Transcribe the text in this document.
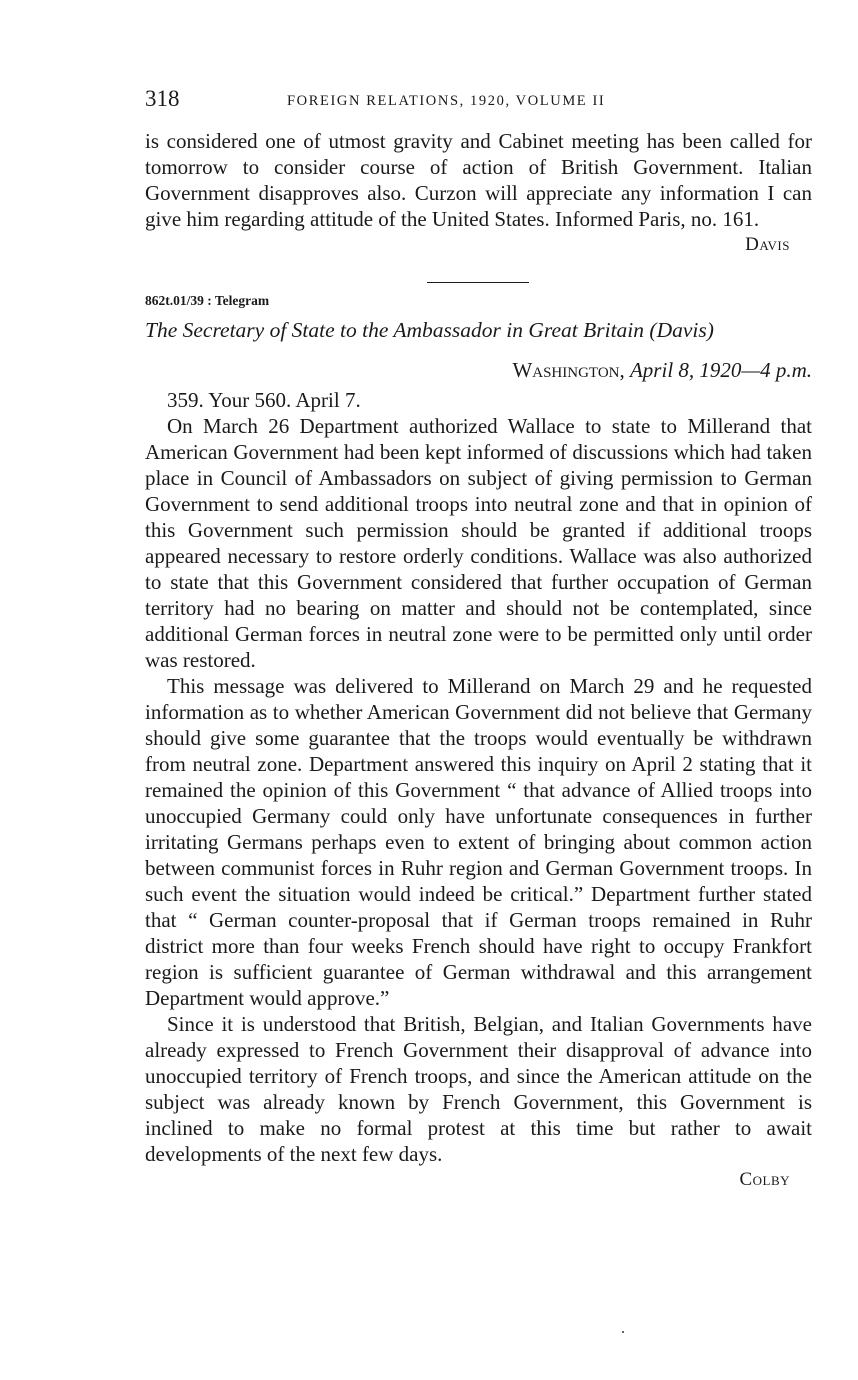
318	FOREIGN RELATIONS, 1920, VOLUME II

is considered one of utmost gravity and Cabinet meeting has been called for tomorrow to consider course of action of British Government. Italian Government disapproves also. Curzon will appreciate any information I can give him regarding attitude of the United States. Informed Paris, no. 161.

Davis
862t.01/39 : Telegram
The Secretary of State to the Ambassador in Great Britain (Davis)
Washington, April 8, 1920—4 p.m.

359. Your 560. April 7.

On March 26 Department authorized Wallace to state to Millerand that American Government had been kept informed of discussions which had taken place in Council of Ambassadors on subject of giving permission to German Government to send additional troops into neutral zone and that in opinion of this Government such permission should be granted if additional troops appeared necessary to restore orderly conditions. Wallace was also authorized to state that this Government considered that further occupation of German territory had no bearing on matter and should not be contemplated, since additional German forces in neutral zone were to be permitted only until order was restored.

This message was delivered to Millerand on March 29 and he requested information as to whether American Government did not believe that Germany should give some guarantee that the troops would eventually be withdrawn from neutral zone. Department answered this inquiry on April 2 stating that it remained the opinion of this Government “ that advance of Allied troops into unoccupied Germany could only have unfortunate consequences in further irritating Germans perhaps even to extent of bringing about common action between communist forces in Ruhr region and German Government troops. In such event the situation would indeed be critical.” Department further stated that “ German counter-proposal that if German troops remained in Ruhr district more than four weeks French should have right to occupy Frankfort region is sufficient guarantee of German withdrawal and this arrangement Department would approve.”

Since it is understood that British, Belgian, and Italian Governments have already expressed to French Government their disapproval of advance into unoccupied territory of French troops, and since the American attitude on the subject was already known by French Government, this Government is inclined to make no formal protest at this time but rather to await developments of the next few days.

Colby
